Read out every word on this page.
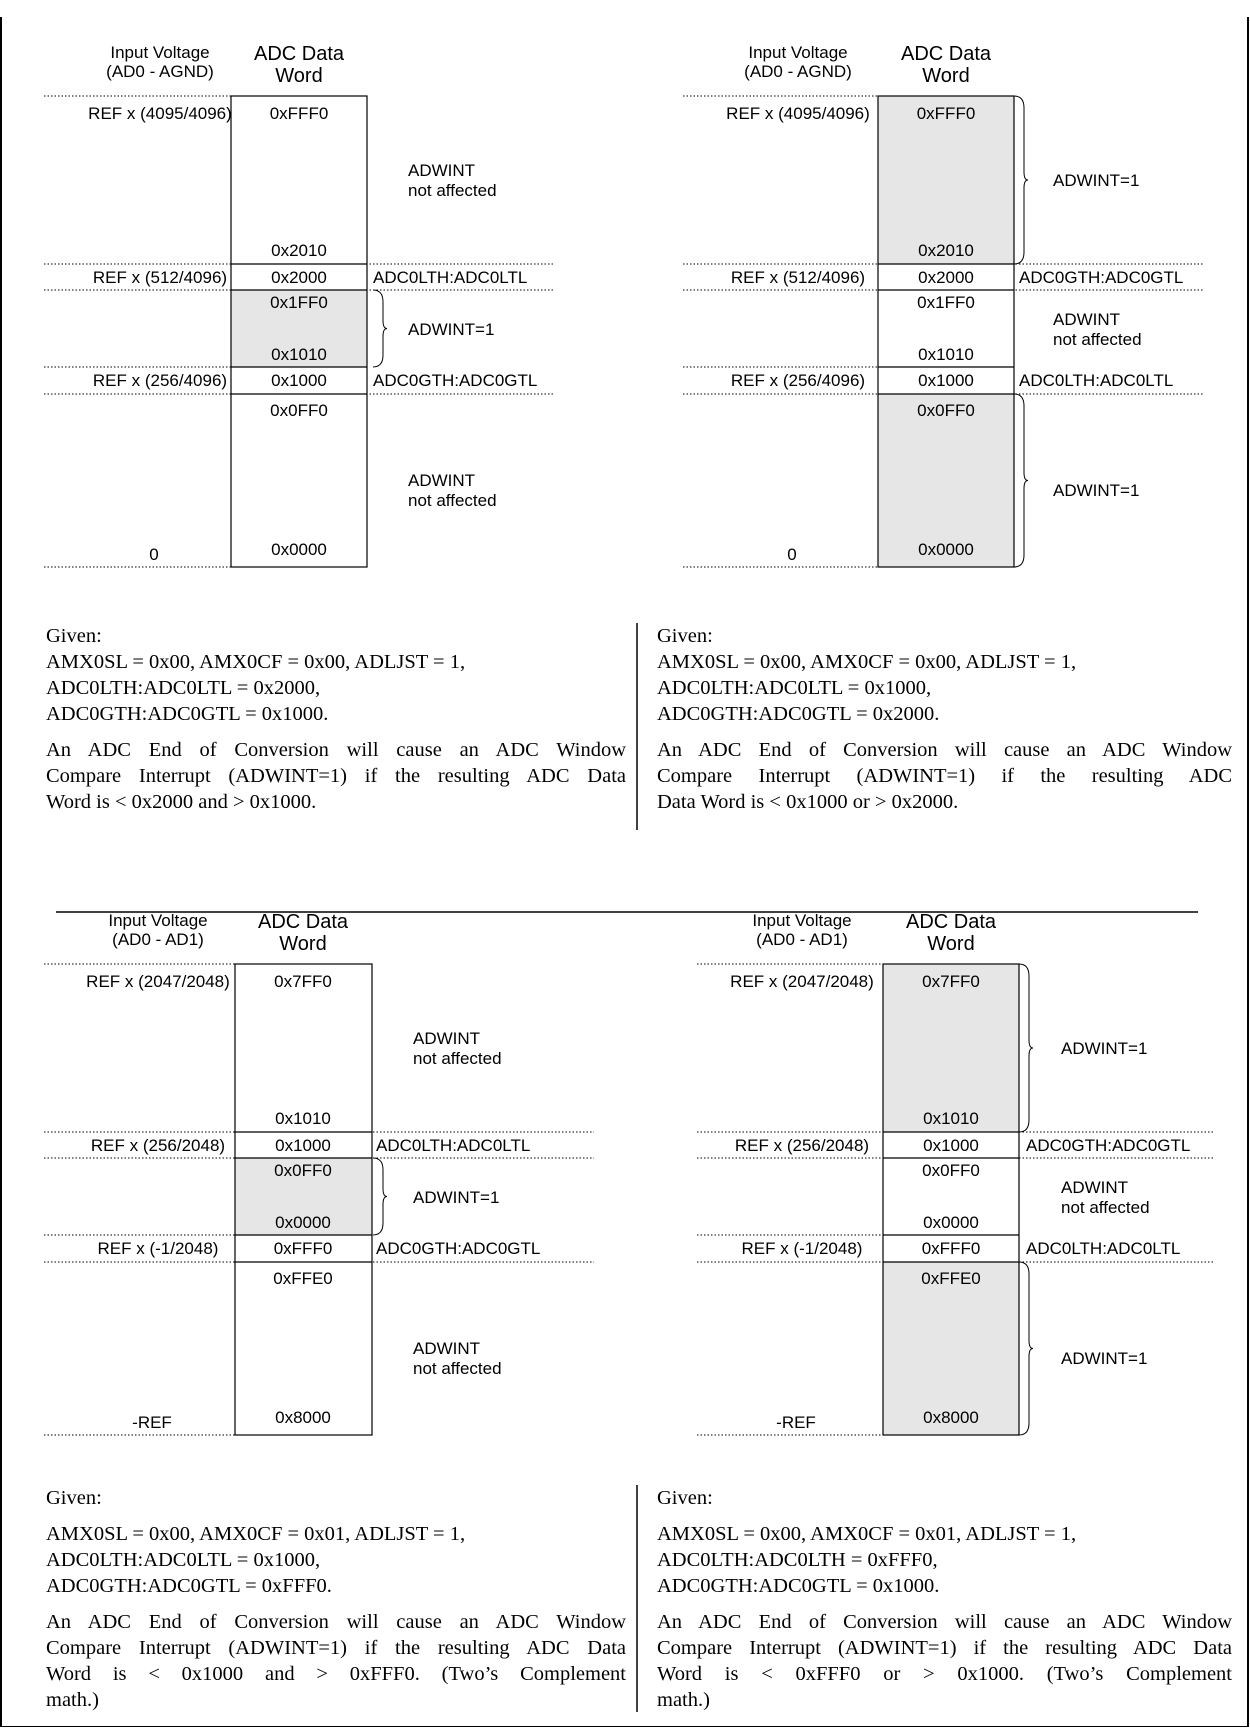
Input Voltage
(AD0 - AGND)
ADC Data
Word
REF x (4095/4096)
REF x (512/4096)
REF x (256/4096)
0
0xFFF0
0x2010
0x2000
0x1FF0
0x1010
0x1000
0x0FF0
0x0000
ADC0LTH:ADC0LTL
ADC0GTH:ADC0GTL
ADWINT
not affected
ADWINT=1
ADWINT
not affected
Input Voltage
(AD0 - AGND)
ADC Data
Word
REF x (4095/4096)
REF x (512/4096)
REF x (256/4096)
0
0xFFF0
0x2010
0x2000
0x1FF0
0x1010
0x1000
0x0FF0
0x0000
ADC0GTH:ADC0GTL
ADC0LTH:ADC0LTL
ADWINT=1
ADWINT
not affected
ADWINT=1
Input Voltage
(AD0 - AD1)
ADC Data
Word
REF x (2047/2048)
REF x (256/2048)
REF x (-1/2048)
-REF
0x7FF0
0x1010
0x1000
0x0FF0
0x0000
0xFFF0
0xFFE0
0x8000
ADC0LTH:ADC0LTL
ADC0GTH:ADC0GTL
ADWINT
not affected
ADWINT=1
ADWINT
not affected
Input Voltage
(AD0 - AD1)
ADC Data
Word
REF x (2047/2048)
REF x (256/2048)
REF x (-1/2048)
-REF
0x7FF0
0x1010
0x1000
0x0FF0
0x0000
0xFFF0
0xFFE0
0x8000
ADC0GTH:ADC0GTL
ADC0LTH:ADC0LTL
ADWINT=1
ADWINT
not affected
ADWINT=1
Given:
AMX0SL = 0x00, AMX0CF = 0x00, ADLJST = 1,
ADC0LTH:ADC0LTL = 0x2000,
ADC0GTH:ADC0GTL = 0x1000.
An ADC End of Conversion will cause an ADC Window
Compare Interrupt (ADWINT=1) if the resulting ADC Data
Word is < 0x2000 and > 0x1000.
Given:
AMX0SL = 0x00, AMX0CF = 0x00, ADLJST = 1,
ADC0LTH:ADC0LTL = 0x1000,
ADC0GTH:ADC0GTL = 0x2000.
An ADC End of Conversion will cause an ADC Window
Compare Interrupt (ADWINT=1) if the resulting ADC
Data Word is < 0x1000 or > 0x2000.
Given:
AMX0SL = 0x00, AMX0CF = 0x01, ADLJST = 1,
ADC0LTH:ADC0LTL = 0x1000,
ADC0GTH:ADC0GTL = 0xFFF0.
An ADC End of Conversion will cause an ADC Window
Compare Interrupt (ADWINT=1) if the resulting ADC Data
Word is < 0x1000 and > 0xFFF0. (Two’s Complement
math.)
Given:
AMX0SL = 0x00, AMX0CF = 0x01, ADLJST = 1,
ADC0LTH:ADC0LTH = 0xFFF0,
ADC0GTH:ADC0GTL = 0x1000.
An ADC End of Conversion will cause an ADC Window
Compare Interrupt (ADWINT=1) if the resulting ADC Data
Word is < 0xFFF0 or > 0x1000. (Two’s Complement
math.)
